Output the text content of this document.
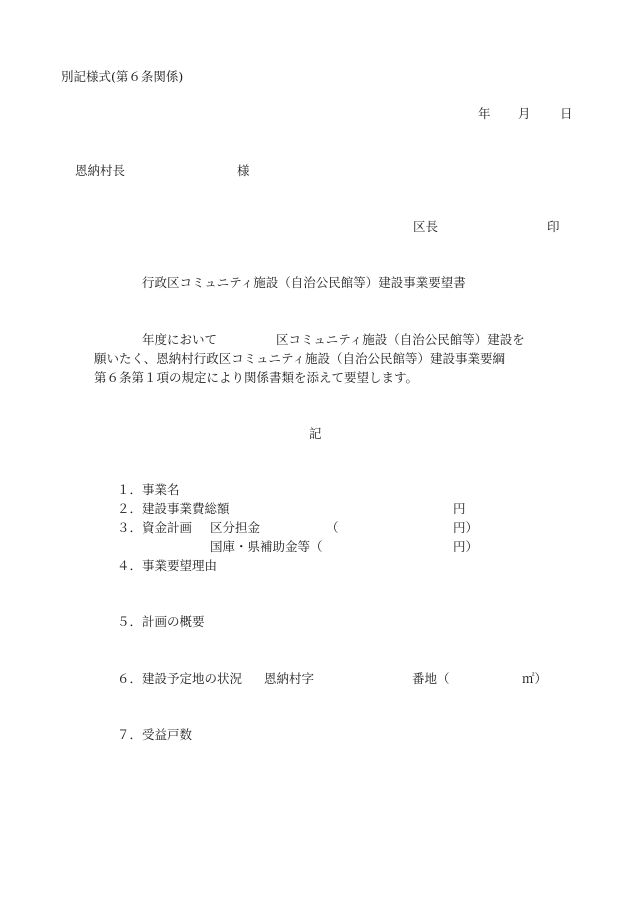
別記様式(第６条関係)
年 月 日
恩納村長	様
区長	印
行政区コミュニティ施設（自治公民館等）建設事業要望書
年度において	区コミュニティ施設（自治公民館等）建設を
願いたく、恩納村行政区コミュニティ施設（自治公民館等）建設事業要綱
第６条第１項の規定により関係書類を添えて要望します。
記
１． 事業名
２． 建設事業費総額	円
３． 資金計画 区分担金	（	円）
国庫・県補助金等（	円）
４． 事業要望理由
５． 計画の概要
６． 建設予定地の状況 恩納村字	番地（	㎡）
７． 受益戸数
